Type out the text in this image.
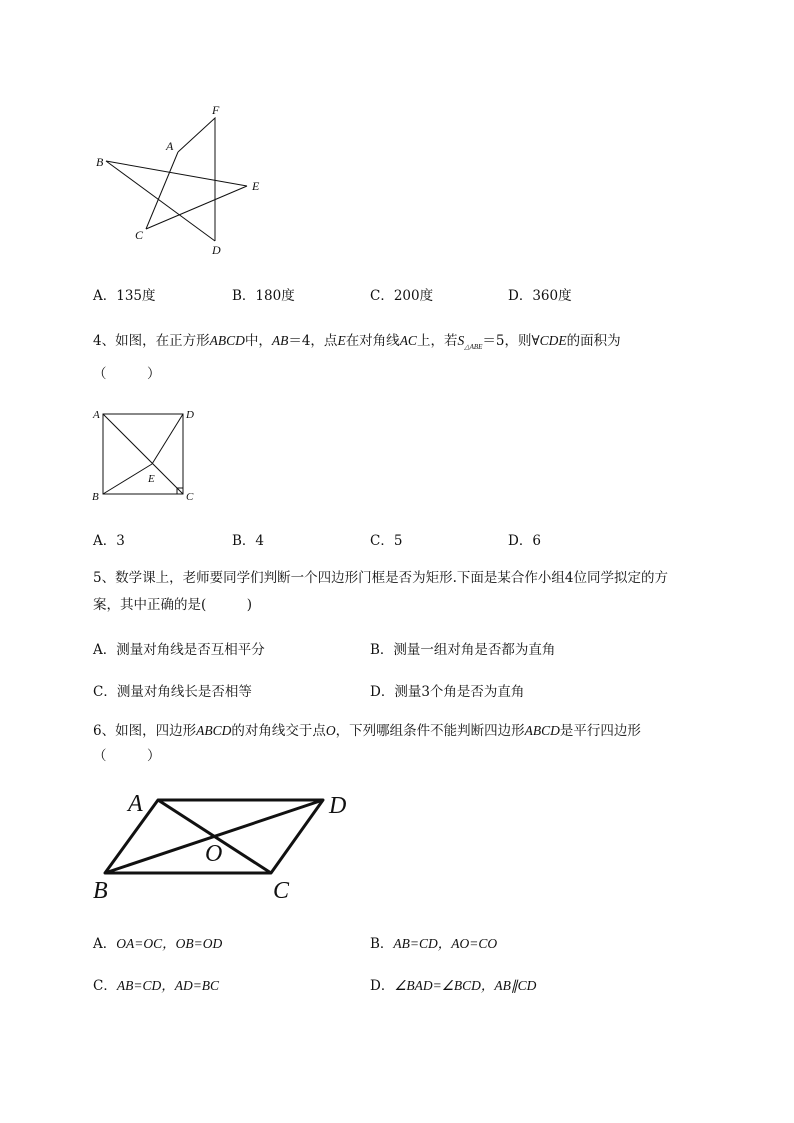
F
A
B
E
C
D
A．135度	B．180度	C．200度	D．360度
4、如图，在正方形ABCD中，AB＝4，点E在对角线AC上，若$S_{\triangle ABE}=5$，则∀CDE的面积为
（　　　）
A	D
E
B	C
A．3	B．4	C．5	D．6
5、数学课上，老师要同学们判断一个四边形门框是否为矩形.下面是某合作小组4位同学拟定的方
案，其中正确的是(　　　)
A．测量对角线是否互相平分	B．测量一组对角是否都为直角
C．测量对角线长是否相等	D．测量3个角是否为直角
6、如图，四边形ABCD的对角线交于点O，下列哪组条件不能判断四边形ABCD是平行四边形
（　　　）
A	D
O
B	C
A．OA=OC，OB=OD	B．AB=CD，AO=CO
C．AB=CD，AD=BC	D．∠BAD=∠BCD，AB∥CD
